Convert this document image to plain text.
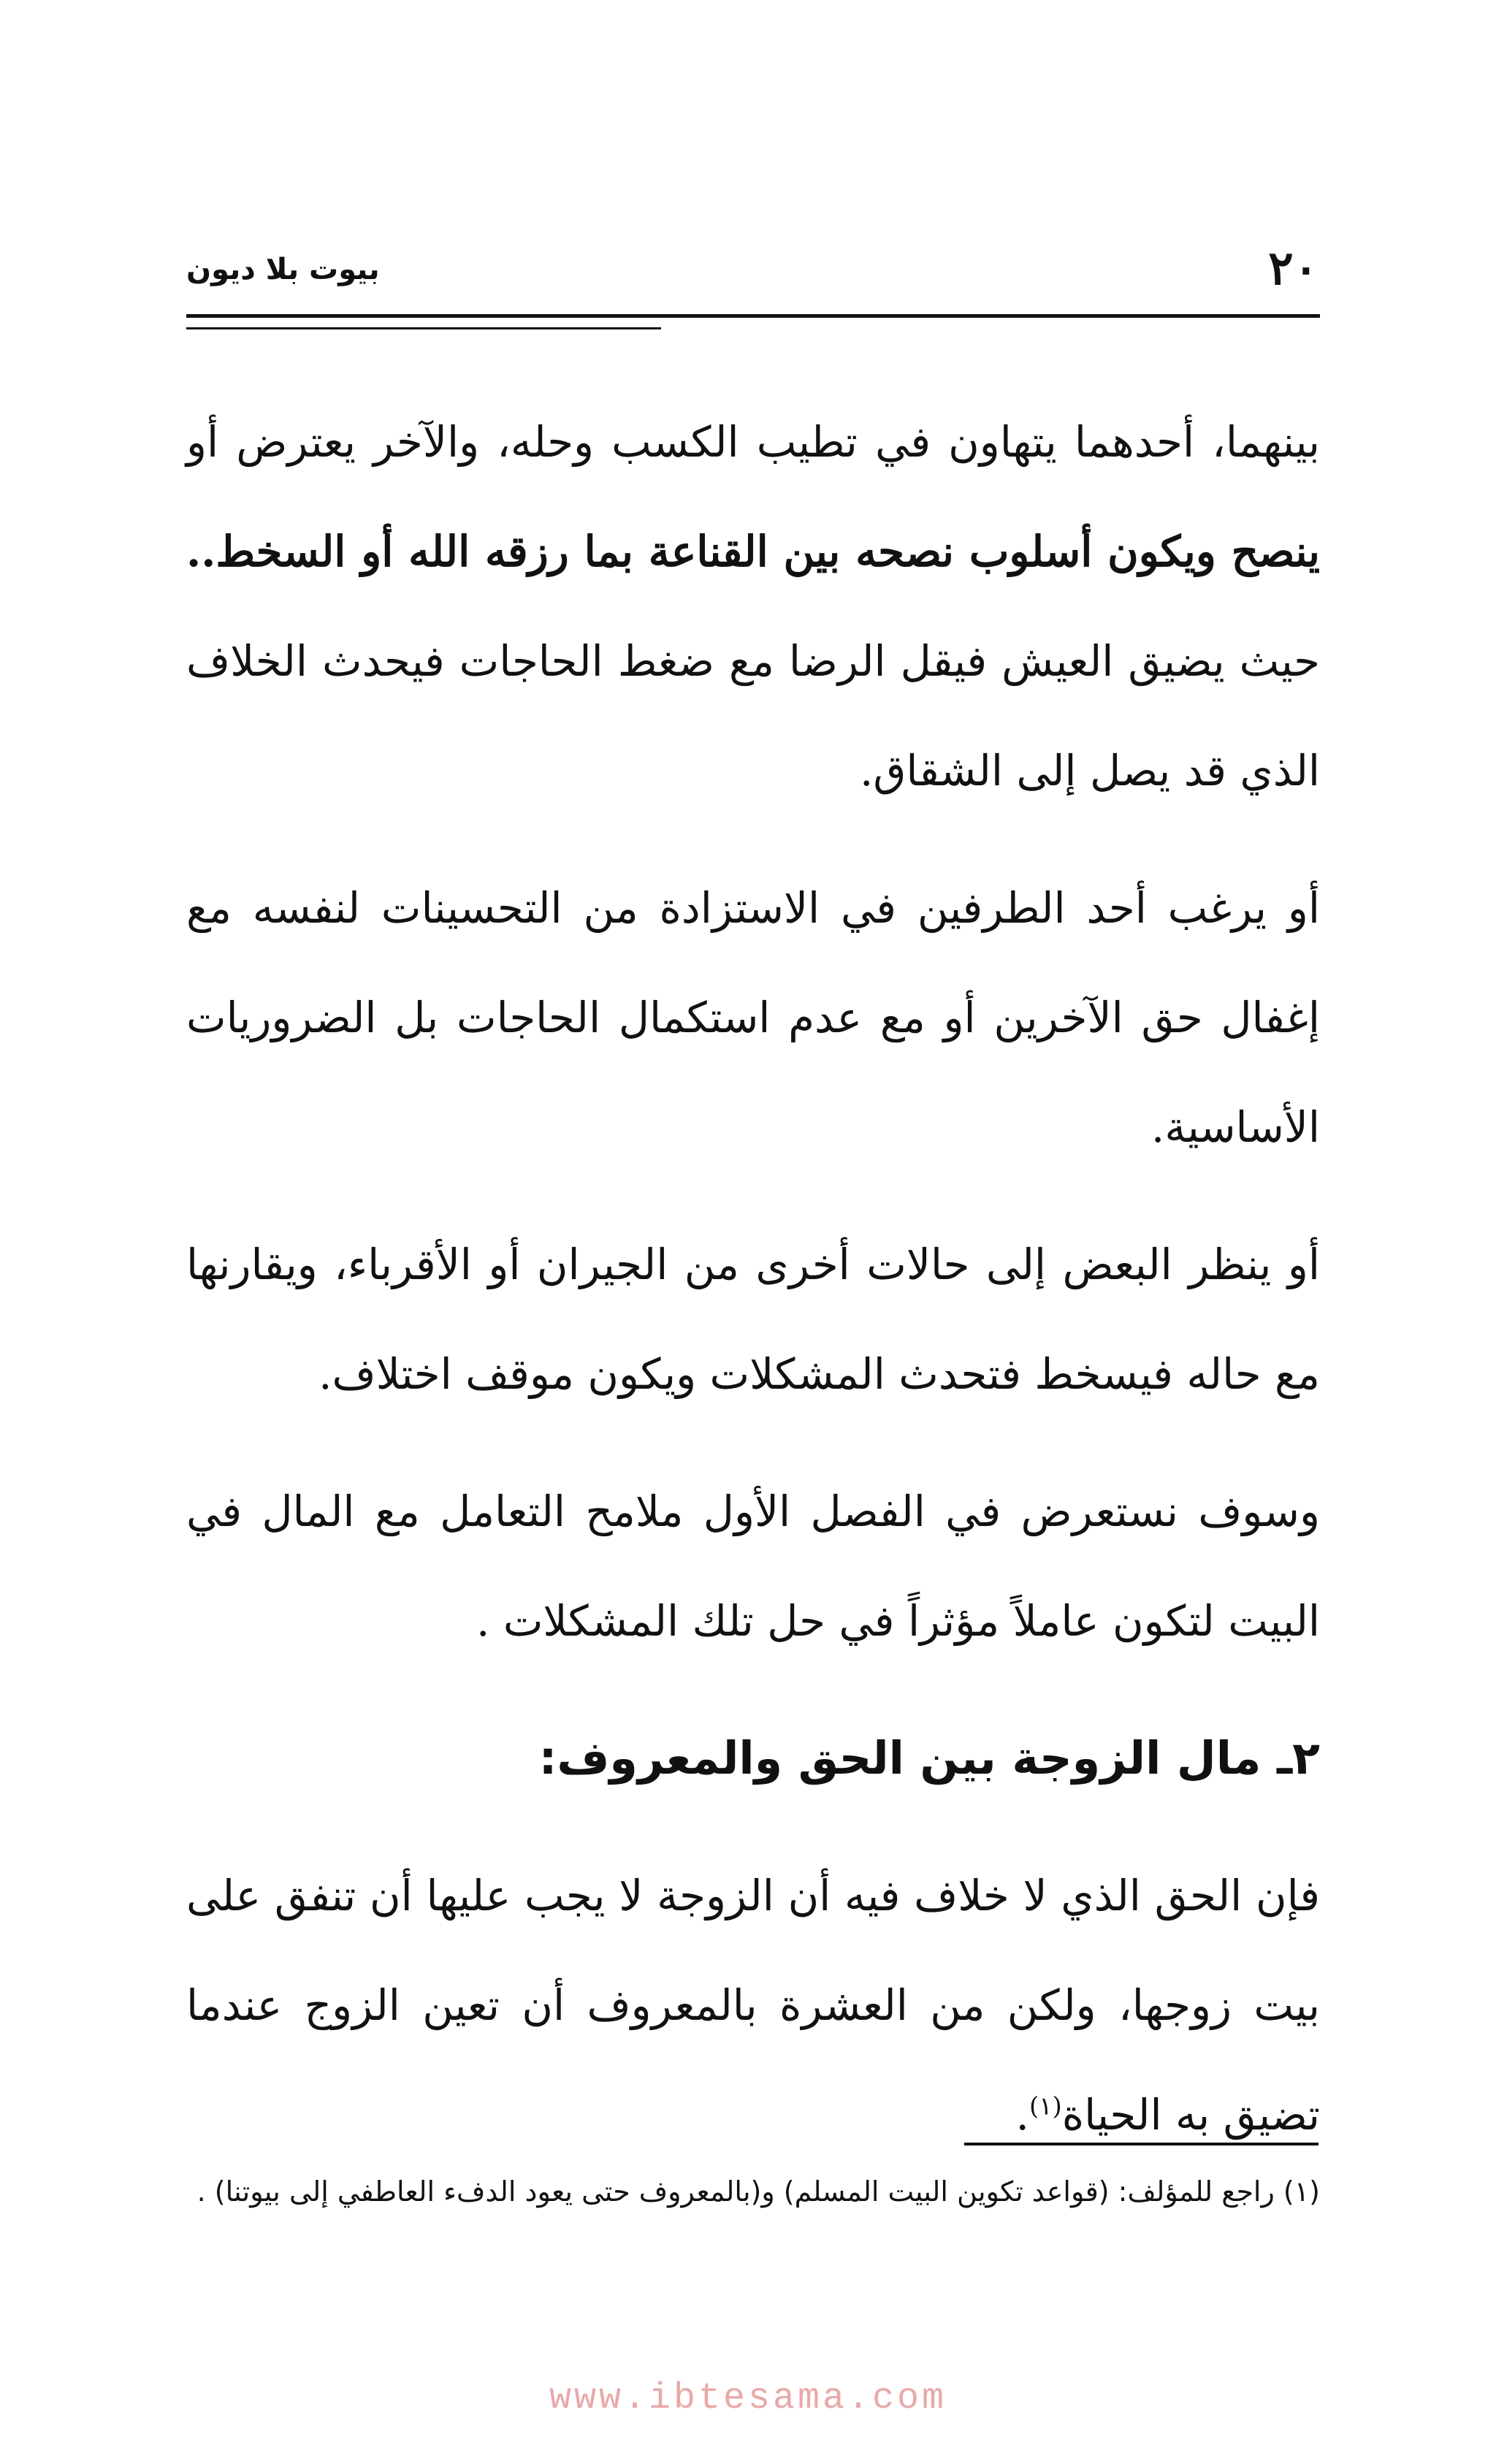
٢٠
بيوت بلا ديون

بينهما، أحدهما يتهاون في تطيب الكسب وحله، والآخر يعترض أو ينصح ويكون أسلوب نصحه بين القناعة بما رزقه الله أو السخط.. حيث يضيق العيش فيقل الرضا مع ضغط الحاجات فيحدث الخلاف الذي قد يصل إلى الشقاق.

أو يرغب أحد الطرفين في الاستزادة من التحسينات لنفسه مع إغفال حق الآخرين أو مع عدم استكمال الحاجات بل الضروريات الأساسية.

أو ينظر البعض إلى حالات أخرى من الجيران أو الأقرباء، ويقارنها مع حاله فيسخط فتحدث المشكلات ويكون موقف اختلاف.

وسوف نستعرض في الفصل الأول ملامح التعامل مع المال في البيت لتكون عاملاً مؤثراً في حل تلك المشكلات .

٢ـ مال الزوجة بين الحق والمعروف:

فإن الحق الذي لا خلاف فيه أن الزوجة لا يجب عليها أن تنفق على بيت زوجها، ولكن من العشرة بالمعروف أن تعين الزوج عندما تضيق به الحياة$^{(١)}$.

(١) راجع للمؤلف: (قواعد تكوين البيت المسلم) و(بالمعروف حتى يعود الدفء العاطفي إلى بيوتنا) .
www.ibtesama.com
